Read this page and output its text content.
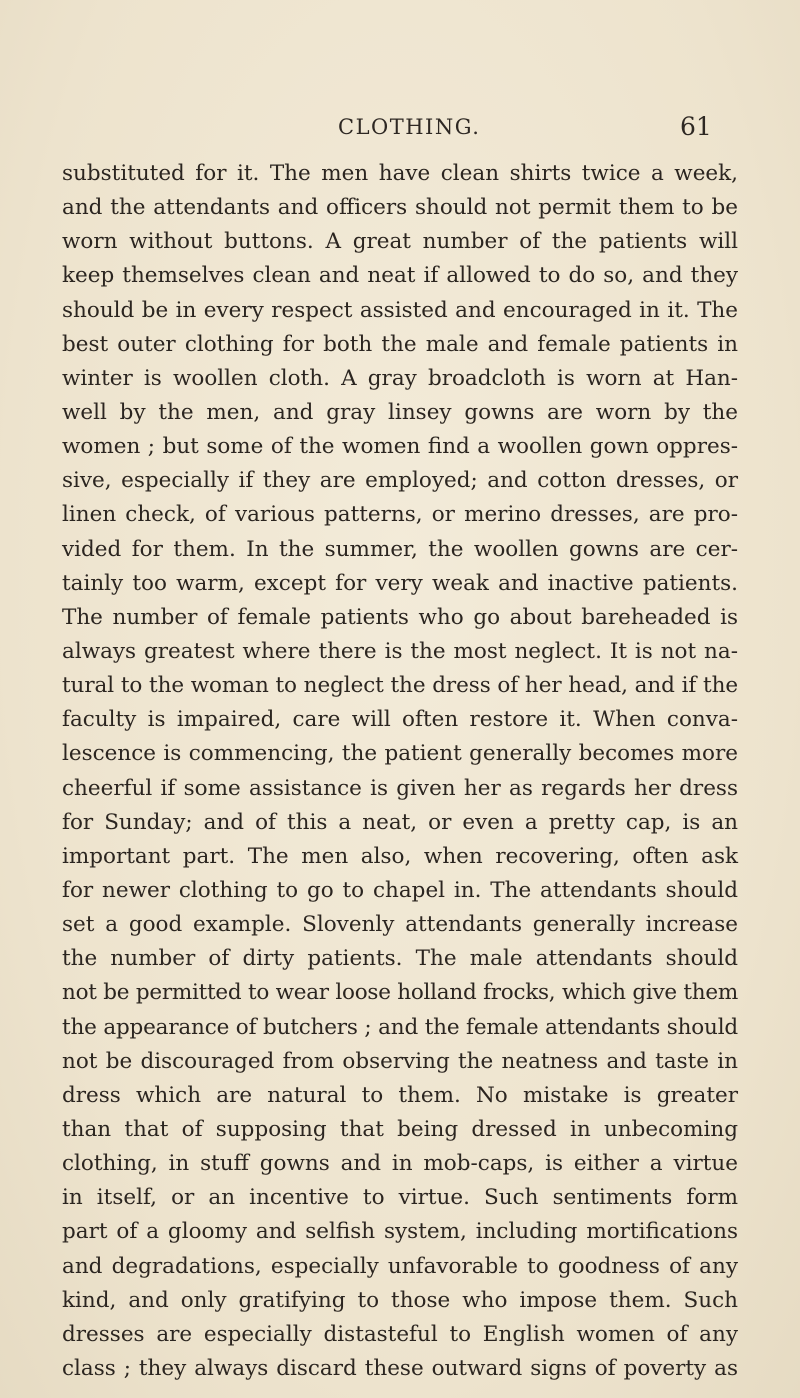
CLOTHING.	61
substituted for it. The men have clean shirts twice a week,
and the attendants and officers should not permit them to be
worn without buttons. A great number of the patients will
keep themselves clean and neat if allowed to do so, and they
should be in every respect assisted and encouraged in it. The
best outer clothing for both the male and female patients in
winter is woollen cloth. A gray broadcloth is worn at Han-
well by the men, and gray linsey gowns are worn by the
women ; but some of the women find a woollen gown oppres-
sive, especially if they are employed; and cotton dresses, or
linen check, of various patterns, or merino dresses, are pro-
vided for them. In the summer, the woollen gowns are cer-
tainly too warm, except for very weak and inactive patients.
The number of female patients who go about bareheaded is
always greatest where there is the most neglect. It is not na-
tural to the woman to neglect the dress of her head, and if the
faculty is impaired, care will often restore it. When conva-
lescence is commencing, the patient generally becomes more
cheerful if some assistance is given her as regards her dress
for Sunday; and of this a neat, or even a pretty cap, is an
important part. The men also, when recovering, often ask
for newer clothing to go to chapel in. The attendants should
set a good example. Slovenly attendants generally increase
the number of dirty patients. The male attendants should
not be permitted to wear loose holland frocks, which give them
the appearance of butchers ; and the female attendants should
not be discouraged from observing the neatness and taste in
dress which are natural to them. No mistake is greater
than that of supposing that being dressed in unbecoming
clothing, in stuff gowns and in mob-caps, is either a virtue
in itself, or an incentive to virtue. Such sentiments form
part of a gloomy and selfish system, including mortifications
and degradations, especially unfavorable to goodness of any
kind, and only gratifying to those who impose them. Such
dresses are especially distasteful to English women of any
class ; they always discard these outward signs of poverty as
